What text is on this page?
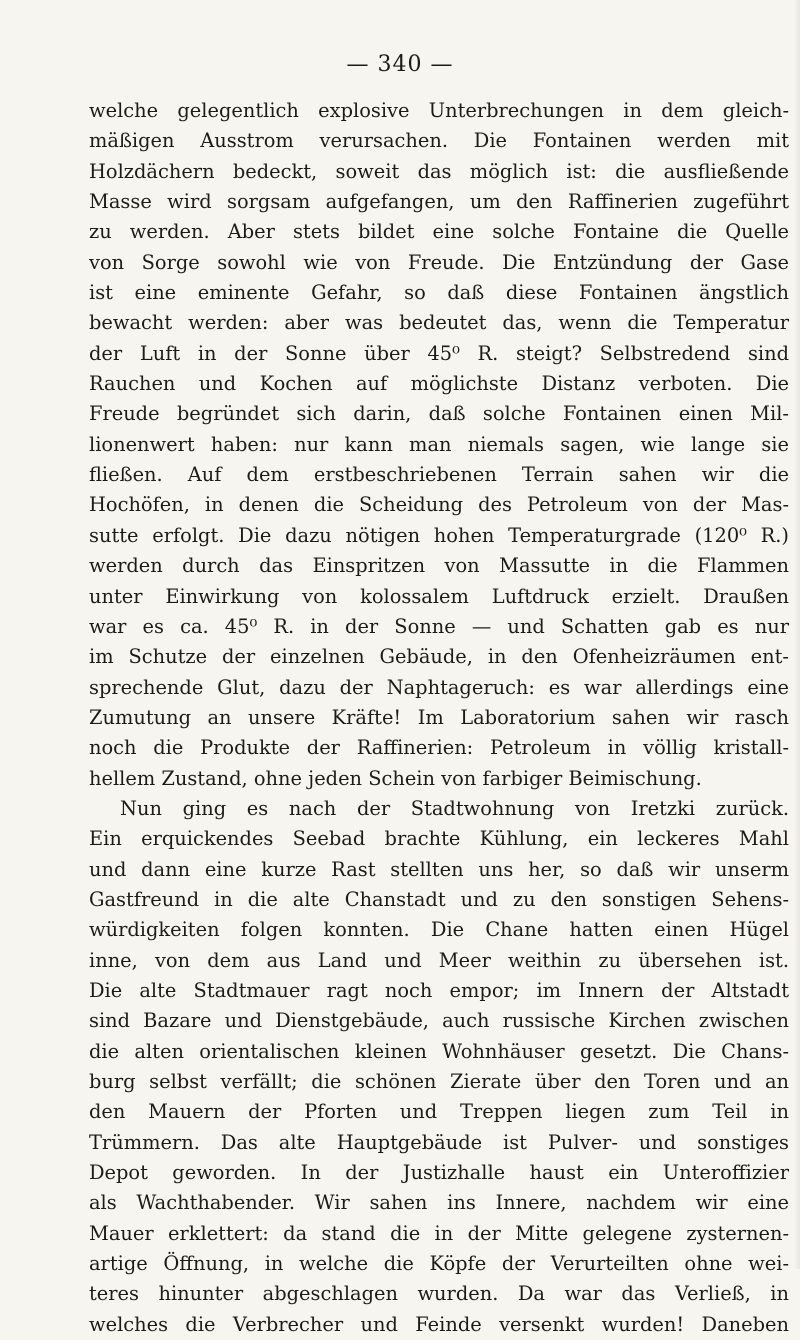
— 340 —
welche gelegentlich explosive Unterbrechungen in dem gleich-
mäßigen Ausstrom verursachen. Die Fontainen werden mit
Holzdächern bedeckt, soweit das möglich ist: die ausfließende
Masse wird sorgsam aufgefangen, um den Raffinerien zugeführt
zu werden. Aber stets bildet eine solche Fontaine die Quelle
von Sorge sowohl wie von Freude. Die Entzündung der Gase
ist eine eminente Gefahr, so daß diese Fontainen ängstlich
bewacht werden: aber was bedeutet das, wenn die Temperatur
der Luft in der Sonne über 45⁰ R. steigt? Selbstredend sind
Rauchen und Kochen auf möglichste Distanz verboten. Die
Freude begründet sich darin, daß solche Fontainen einen Mil-
lionenwert haben: nur kann man niemals sagen, wie lange sie
fließen. Auf dem erstbeschriebenen Terrain sahen wir die
Hochöfen, in denen die Scheidung des Petroleum von der Mas-
sutte erfolgt. Die dazu nötigen hohen Temperaturgrade (120⁰ R.)
werden durch das Einspritzen von Massutte in die Flammen
unter Einwirkung von kolossalem Luftdruck erzielt. Draußen
war es ca. 45⁰ R. in der Sonne — und Schatten gab es nur
im Schutze der einzelnen Gebäude, in den Ofenheizräumen ent-
sprechende Glut, dazu der Naphtageruch: es war allerdings eine
Zumutung an unsere Kräfte! Im Laboratorium sahen wir rasch
noch die Produkte der Raffinerien: Petroleum in völlig kristall-
hellem Zustand, ohne jeden Schein von farbiger Beimischung.
Nun ging es nach der Stadtwohnung von Iretzki zurück.
Ein erquickendes Seebad brachte Kühlung, ein leckeres Mahl
und dann eine kurze Rast stellten uns her, so daß wir unserm
Gastfreund in die alte Chanstadt und zu den sonstigen Sehens-
würdigkeiten folgen konnten. Die Chane hatten einen Hügel
inne, von dem aus Land und Meer weithin zu übersehen ist.
Die alte Stadtmauer ragt noch empor; im Innern der Altstadt
sind Bazare und Dienstgebäude, auch russische Kirchen zwischen
die alten orientalischen kleinen Wohnhäuser gesetzt. Die Chans-
burg selbst verfällt; die schönen Zierate über den Toren und an
den Mauern der Pforten und Treppen liegen zum Teil in
Trümmern. Das alte Hauptgebäude ist Pulver- und sonstiges
Depot geworden. In der Justizhalle haust ein Unteroffizier
als Wachthabender. Wir sahen ins Innere, nachdem wir eine
Mauer erklettert: da stand die in der Mitte gelegene zysternen-
artige Öffnung, in welche die Köpfe der Verurteilten ohne wei-
teres hinunter abgeschlagen wurden. Da war das Verließ, in
welches die Verbrecher und Feinde versenkt wurden! Daneben
